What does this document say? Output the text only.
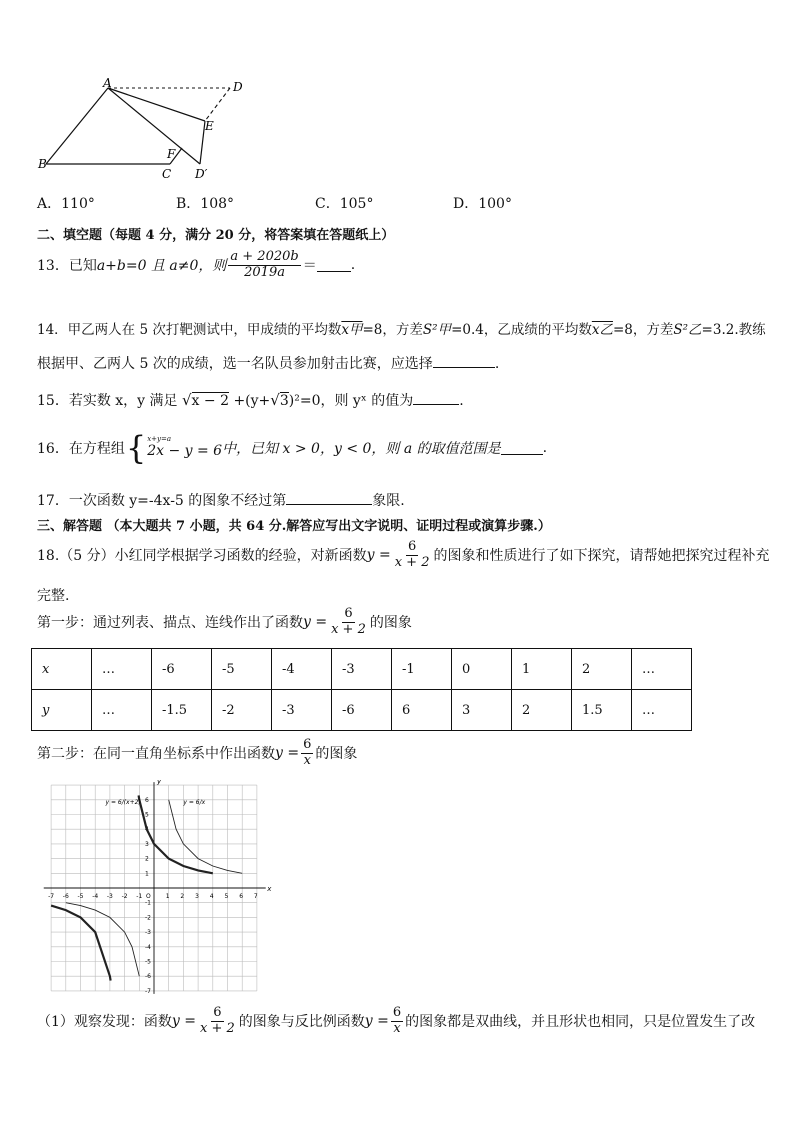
A	D
E
F
B
C D′
A．110°	B．108°	C．105°	D．100°
二、填空题（每题 4 分，满分 20 分，将答案填在答题纸上）
13．已知 a+b=0 且 a≠0，则 $\frac{a + 2020b}{2019a}$ ＝ .
14．甲乙两人在 5 次打靶测试中，甲成绩的平均数x甲=8，方差S²甲=0.4，乙成绩的平均数x乙=8，方差S²乙=3.2.教练
根据甲、乙两人 5 次的成绩，选一名队员参加射击比赛，应选择	.
15．若实数 x，y 满足 √x − 2 +(y+√3)²=0，则 yˣ 的值为	.
16．在方程组 { x+y=a
2x − y = 6 中，已知 x > 0，y < 0，则 a 的取值范围是	.
17．一次函数 y=-4x-5 的图象不经过第	象限.
三、解答题 （本大题共 7 小题，共 64 分.解答应写出文字说明、证明过程或演算步骤.）
18.（5 分）小红同学根据学习函数的经验，对新函数 $y = \frac{6}{x + 2}$ 的图象和性质进行了如下探究，请帮她把探究过程补充
完整.
第一步：通过列表、描点、连线作出了函数 $y = \frac{6}{x + 2}$ 的图象
x	…	-6	-5	-4	-3	-1	0	1	2	…
y	…	-1.5	-2	-3	-6	6	3	2	1.5	…
第二步：在同一直角坐标系中作出函数 $y = \frac{6}{x}$ 的图象
x
y
-7 -6 -5 -4 -3 -2 -1 O 1 2 3 4 5 6 7
6
5
4
3
2
1
-1
-2
-3
-4
-5
-6
-7
y = 6/(x+2)	y = 6/x
（1）观察发现：函数 $y = \frac{6}{x + 2}$ 的图象与反比例函数 $y = \frac{6}{x}$ 的图象都是双曲线，并且形状也相同，只是位置发生了改
